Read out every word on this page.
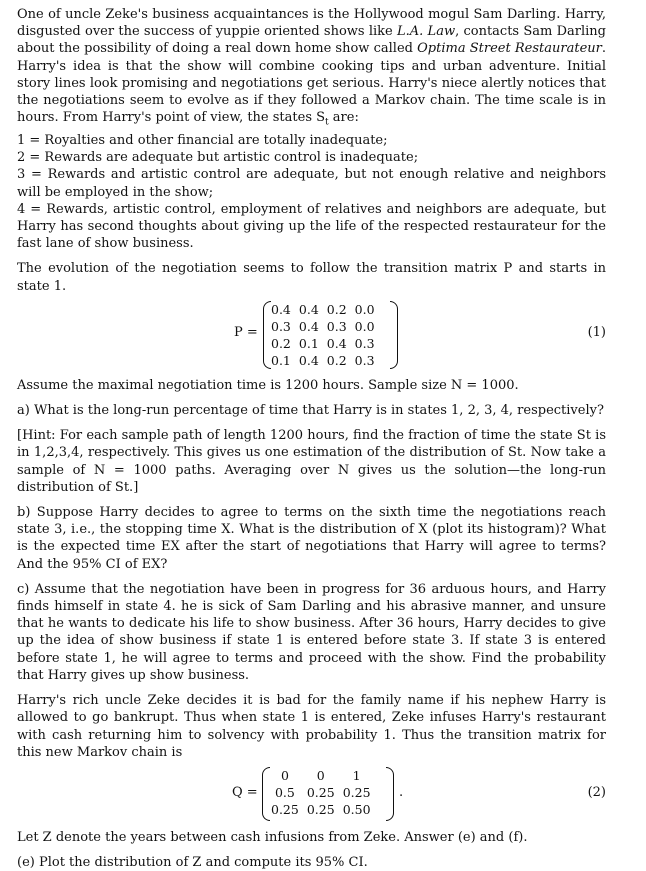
One of uncle Zeke's business acquaintances is the Hollywood mogul Sam Darling. Harry, disgusted over the success of yuppie oriented shows like L.A. Law, contacts Sam Darling about the possibility of doing a real down home show called Optima Street Restaurateur. Harry's idea is that the show will combine cooking tips and urban adventure. Initial story lines look promising and negotiations get serious. Harry's niece alertly notices that the negotiations seem to evolve as if they followed a Markov chain. The time scale is in hours. From Harry's point of view, the states $S_t$ are:

1 = Royalties and other financial are totally inadequate;

2 = Rewards are adequate but artistic control is inadequate;

3 = Rewards and artistic control are adequate, but not enough relative and neighbors will be employed in the show;

4 = Rewards, artistic control, employment of relatives and neighbors are adequate, but Harry has second thoughts about giving up the life of the respected restaurateur for the fast lane of show business.

The evolution of the negotiation seems to follow the transition matrix P and starts in state 1.

P =
0.4	0.4	0.2	0.0
0.3	0.4	0.3	0.0
0.2	0.1	0.4	0.3
0.1	0.4	0.2	0.3
(1)

Assume the maximal negotiation time is 1200 hours. Sample size N = 1000.

a) What is the long-run percentage of time that Harry is in states 1, 2, 3, 4, respectively?

[Hint: For each sample path of length 1200 hours, find the fraction of time the state St is in 1,2,3,4, respectively. This gives us one estimation of the distribution of St. Now take a sample of N = 1000 paths. Averaging over N gives us the solution—the long-run distribution of St.]

b) Suppose Harry decides to agree to terms on the sixth time the negotiations reach state 3, i.e., the stopping time X. What is the distribution of X (plot its histogram)? What is the expected time EX after the start of negotiations that Harry will agree to terms? And the 95% CI of EX?

c) Assume that the negotiation have been in progress for 36 arduous hours, and Harry finds himself in state 4. he is sick of Sam Darling and his abrasive manner, and unsure that he wants to dedicate his life to show business. After 36 hours, Harry decides to give up the idea of show business if state 1 is entered before state 3. If state 3 is entered before state 1, he will agree to terms and proceed with the show. Find the probability that Harry gives up show business.

Harry's rich uncle Zeke decides it is bad for the family name if his nephew Harry is allowed to go bankrupt. Thus when state 1 is entered, Zeke infuses Harry's restaurant with cash returning him to solvency with probability 1. Thus the transition matrix for this new Markov chain is

Q =
0	0	1
0.5	0.25	0.25
0.25	0.25	0.50
.	(2)

Let Z denote the years between cash infusions from Zeke. Answer (e) and (f).

(e) Plot the distribution of Z and compute its 95% CI.
